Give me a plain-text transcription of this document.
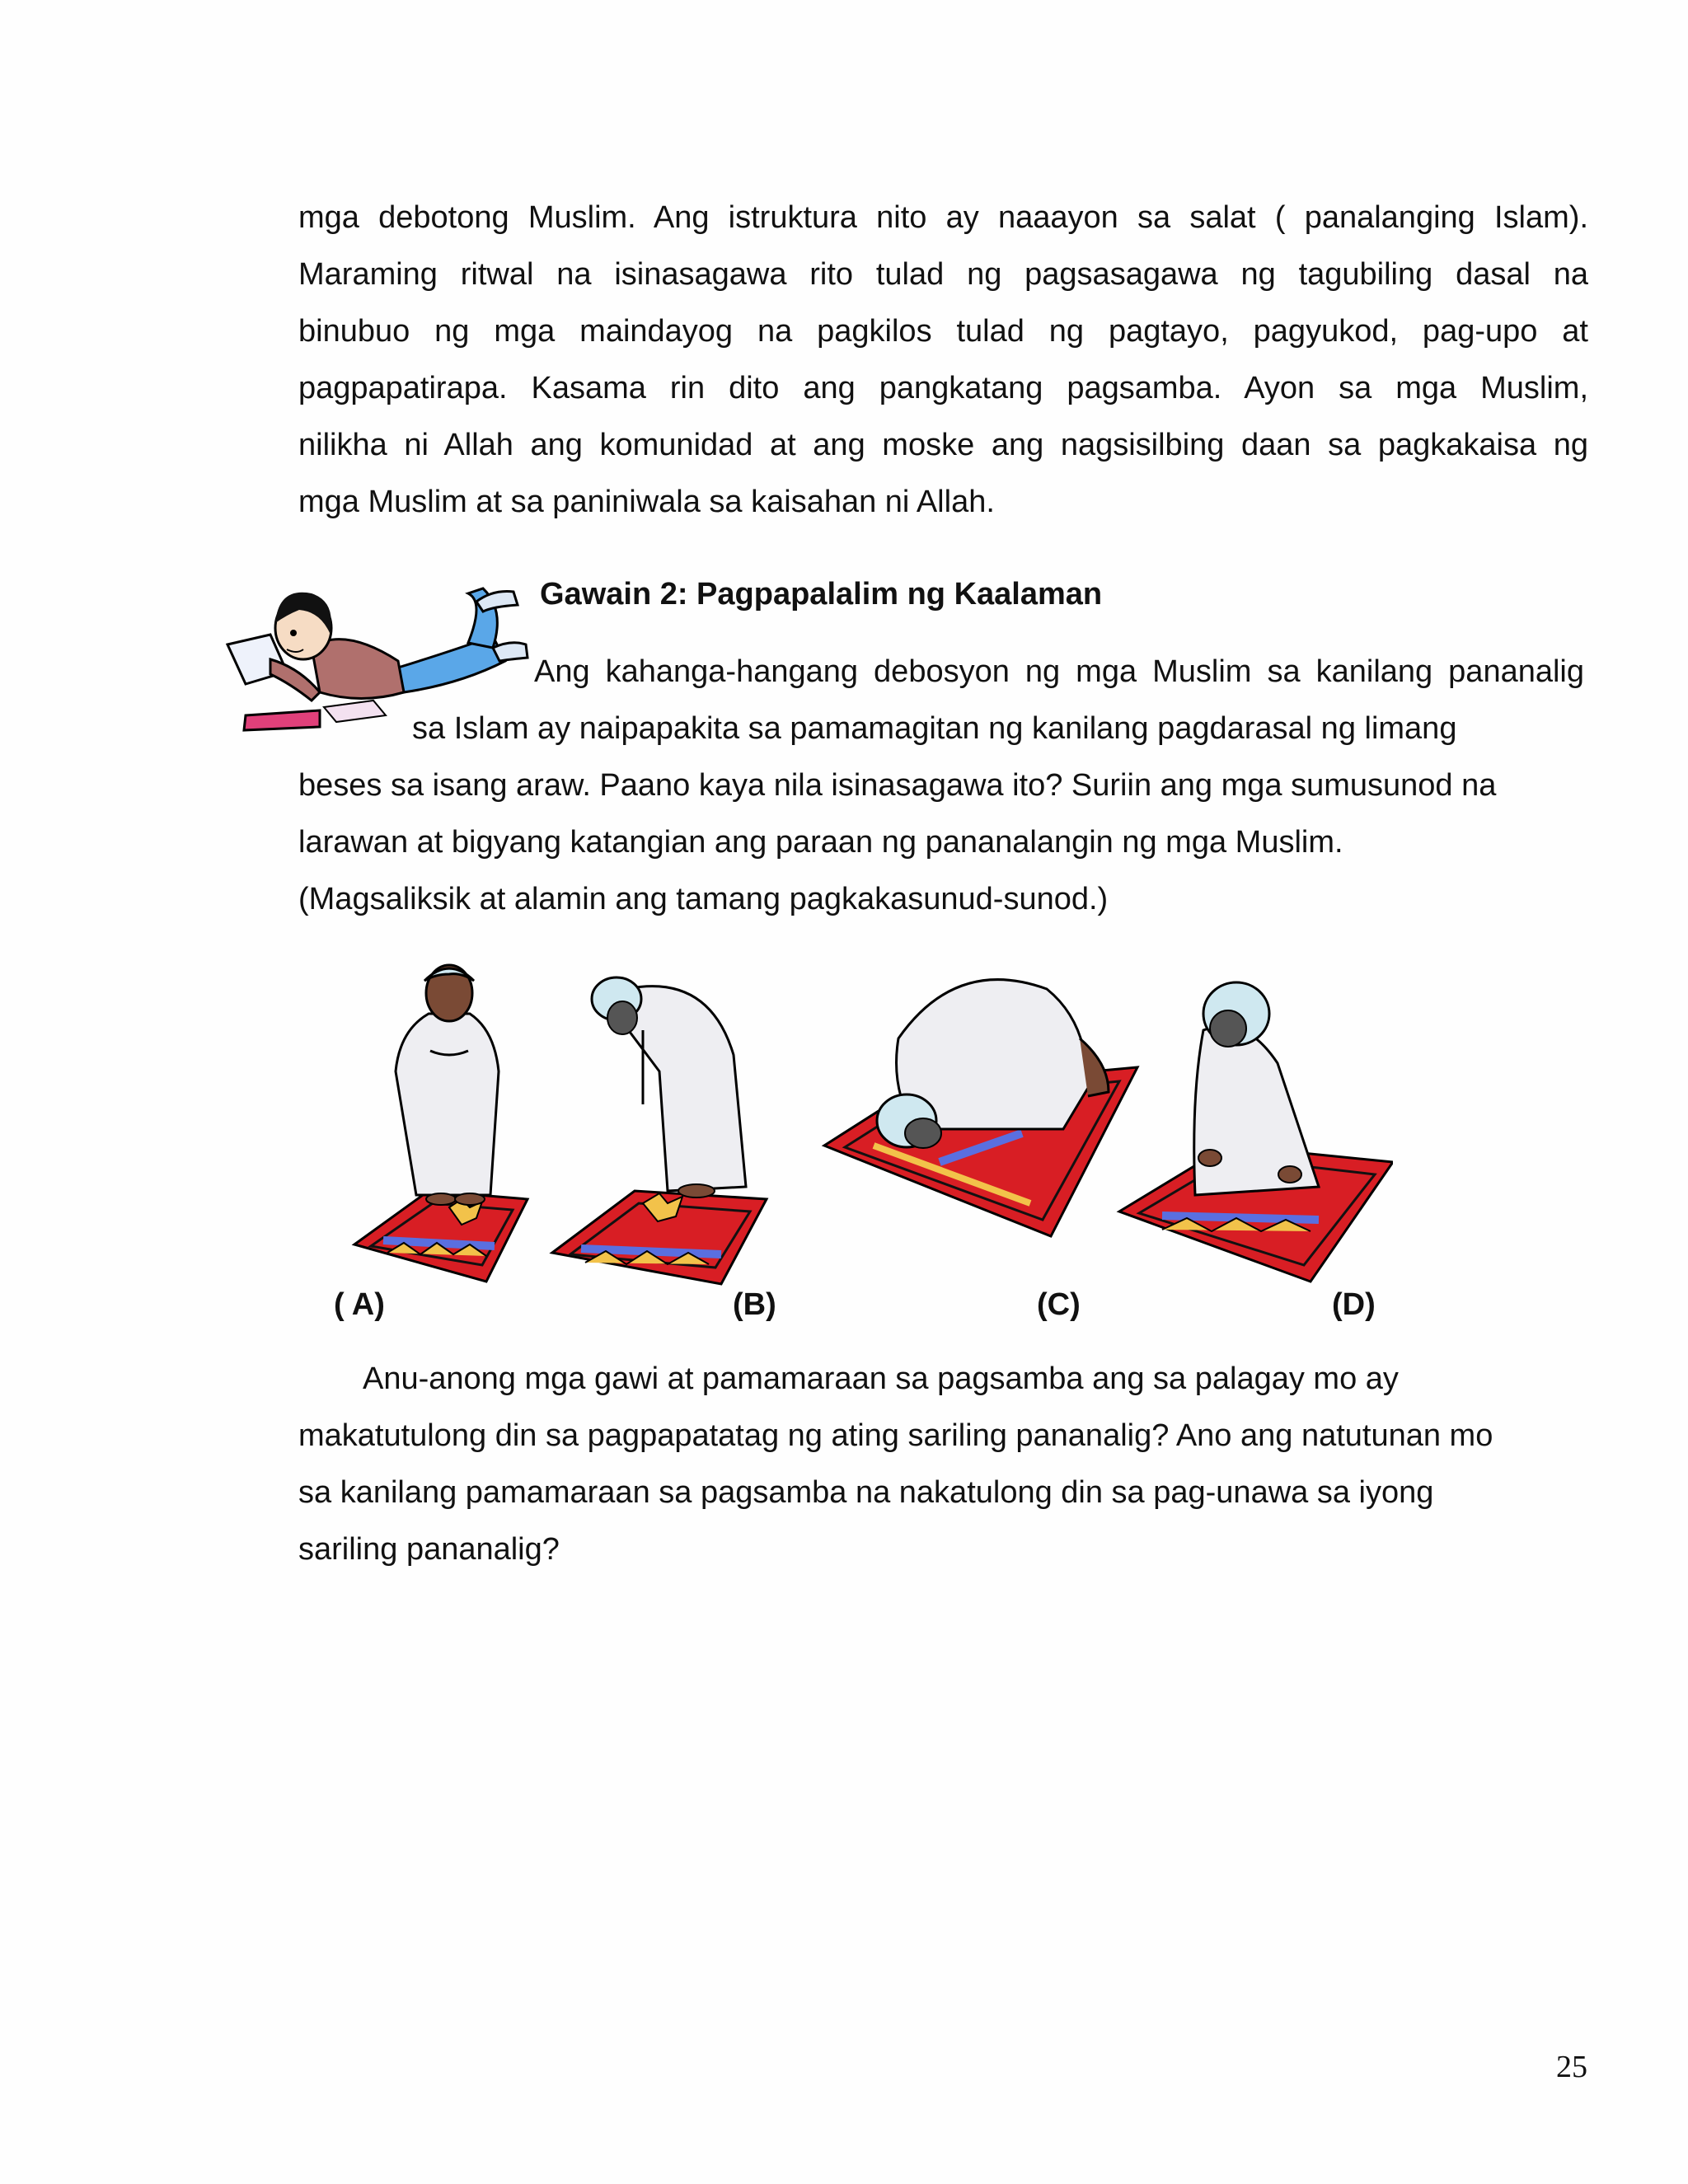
mga debotong Muslim. Ang istruktura nito ay naaayon sa salat ( panalanging Islam).
Maraming ritwal na isinasagawa rito tulad ng pagsasagawa ng tagubiling dasal na
binubuo ng mga maindayog na pagkilos tulad ng pagtayo, pagyukod, pag-upo at
pagpapatirapa. Kasama rin dito ang pangkatang pagsamba. Ayon sa mga Muslim,
nilikha ni Allah ang komunidad at ang moske ang nagsisilbing daan sa pagkakaisa ng
mga Muslim at sa paniniwala sa kaisahan ni Allah.
Gawain 2: Pagpapalalim ng Kaalaman
Ang kahanga-hangang debosyon ng mga Muslim sa kanilang pananalig
sa Islam ay naipapakita sa pamamagitan ng kanilang pagdarasal ng limang
beses sa isang araw. Paano kaya nila isinasagawa ito? Suriin ang mga sumusunod na
larawan at bigyang katangian ang paraan ng pananalangin ng mga Muslim.
(Magsaliksik at alamin ang tamang pagkakasunud-sunod.)
( A)	(B)	(C)	(D)
Anu-anong mga gawi at pamamaraan sa pagsamba ang sa palagay mo ay
makatutulong din sa pagpapatatag ng ating sariling pananalig? Ano ang natutunan mo
sa kanilang pamamaraan sa pagsamba na nakatulong din sa pag-unawa sa iyong
sariling pananalig?
25
